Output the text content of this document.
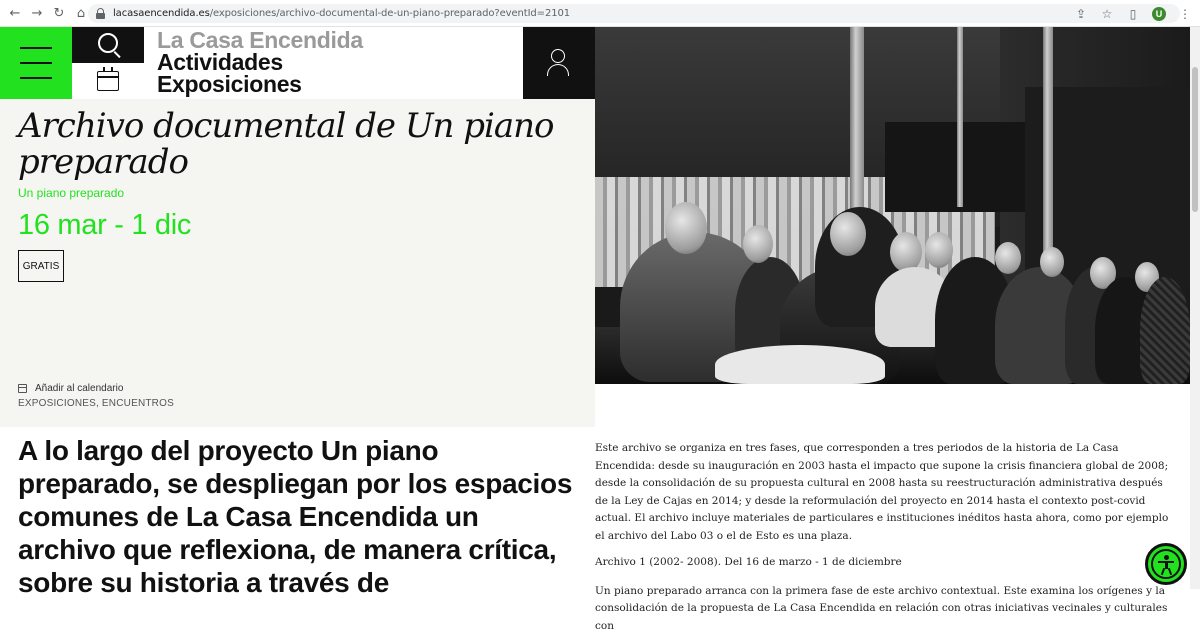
← → ↻ ⌂	lacasaencendida.es/exposiciones/archivo-documental-de-un-piano-preparado?eventId=2101	⇪ ☆	▯	U	⋮
La Casa Encendida
Actividades
Exposiciones
Archivo documental de Un piano preparado
Un piano preparado
16 mar - 1 dic
GRATIS
Añadir al calendario
EXPOSICIONES, ENCUENTROS
A lo largo del proyecto Un piano preparado, se despliegan por los espacios comunes de La Casa Encendida un archivo que reflexiona, de manera crítica, sobre su historia a través de

Este archivo se organiza en tres fases, que corresponden a tres periodos de la historia de La Casa Encendida: desde su inauguración en 2003 hasta el impacto que supone la crisis financiera global de 2008; desde la consolidación de su propuesta cultural en 2008 hasta su reestructuración administrativa después de la Ley de Cajas en 2014; y desde la reformulación del proyecto en 2014 hasta el contexto post-covid actual. El archivo incluye materiales de particulares e instituciones inéditos hasta ahora, como por ejemplo el archivo del Labo 03 o el de Esto es una plaza.

Archivo 1 (2002- 2008). Del 16 de marzo - 1 de diciembre

Un piano preparado arranca con la primera fase de este archivo contextual. Este examina los orígenes y la consolidación de la propuesta de La Casa Encendida en relación con otras iniciativas vecinales y culturales con
